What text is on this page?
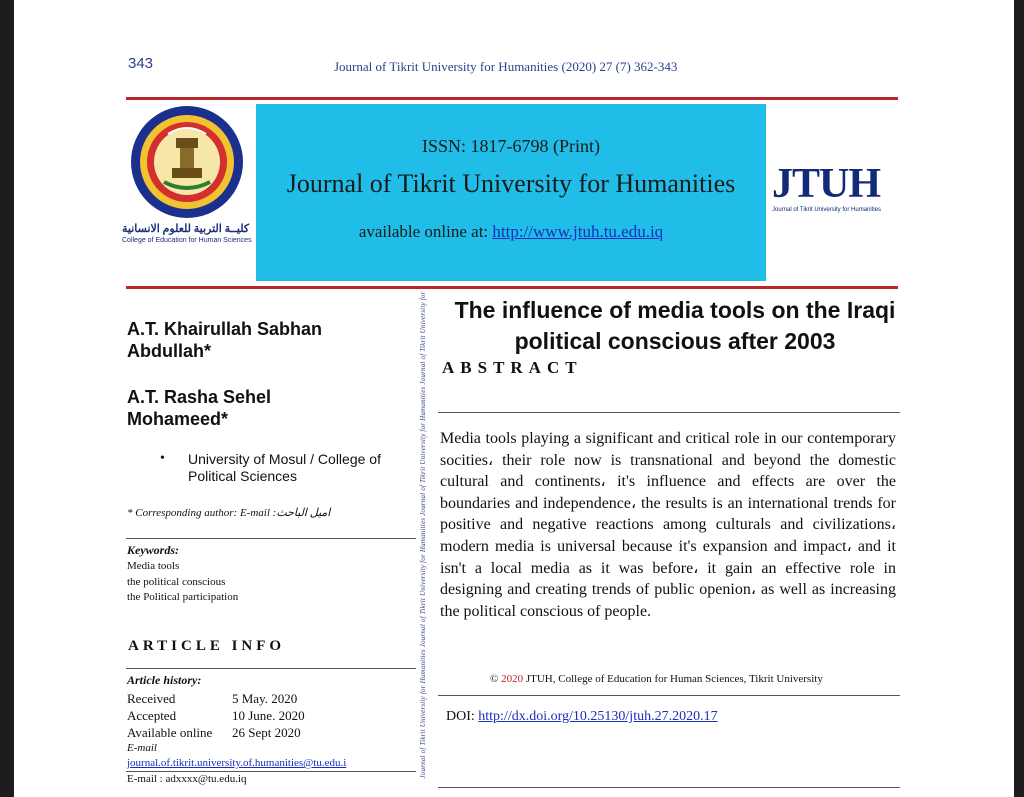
343	Journal of Tikrit University for Humanities (2020) 27 (7) 362-343
كليــة التربية للعلوم الانسانية
College of Education for Human Sciences
ISSN: 1817-6798 (Print)
Journal of Tikrit University for Humanities
available online at: http://www.jtuh.tu.edu.iq
JTUH
Journal of Tikrit University for Humanities
A.T. Khairullah Sabhan
Abdullah*
A.T. Rasha Sehel
Mohameed*
• University of Mosul / College of Political Sciences
* Corresponding author: E-mail :اميل الباحث
Keywords:
Media tools
the political conscious
the Political participation
ARTICLE INFO
Article history:
Received	5 May. 2020
Accepted	10 June. 2020
Available online 26 Sept 2020
E-mail
journal.of.tikrit.university.of.humanities@tu.edu.i
E-mail : adxxxx@tu.edu.iq
Journal of Tikrit University for Humanities Journal of Tikrit University for Humanities Journal of Tikrit University for Humanities Journal of Tikrit University for	The influence of media tools on the Iraqi political conscious after 2003
ABSTRACT
Media tools playing a significant and critical role in our contemporary socities، their role now is transnational and beyond the domestic cultural and continents، it's influence and effects are over the boundaries and independence، the results is an international trends for positive and negative reactions among culturals and civilizations، modern media is universal because it's expansion and impact، and it isn't a local media as it was before، it gain an effective role in designing and creating trends of public openion، as well as increasing the political conscious of people.
© 2020 JTUH, College of Education for Human Sciences, Tikrit University
DOI: http://dx.doi.org/10.25130/jtuh.27.2020.17
